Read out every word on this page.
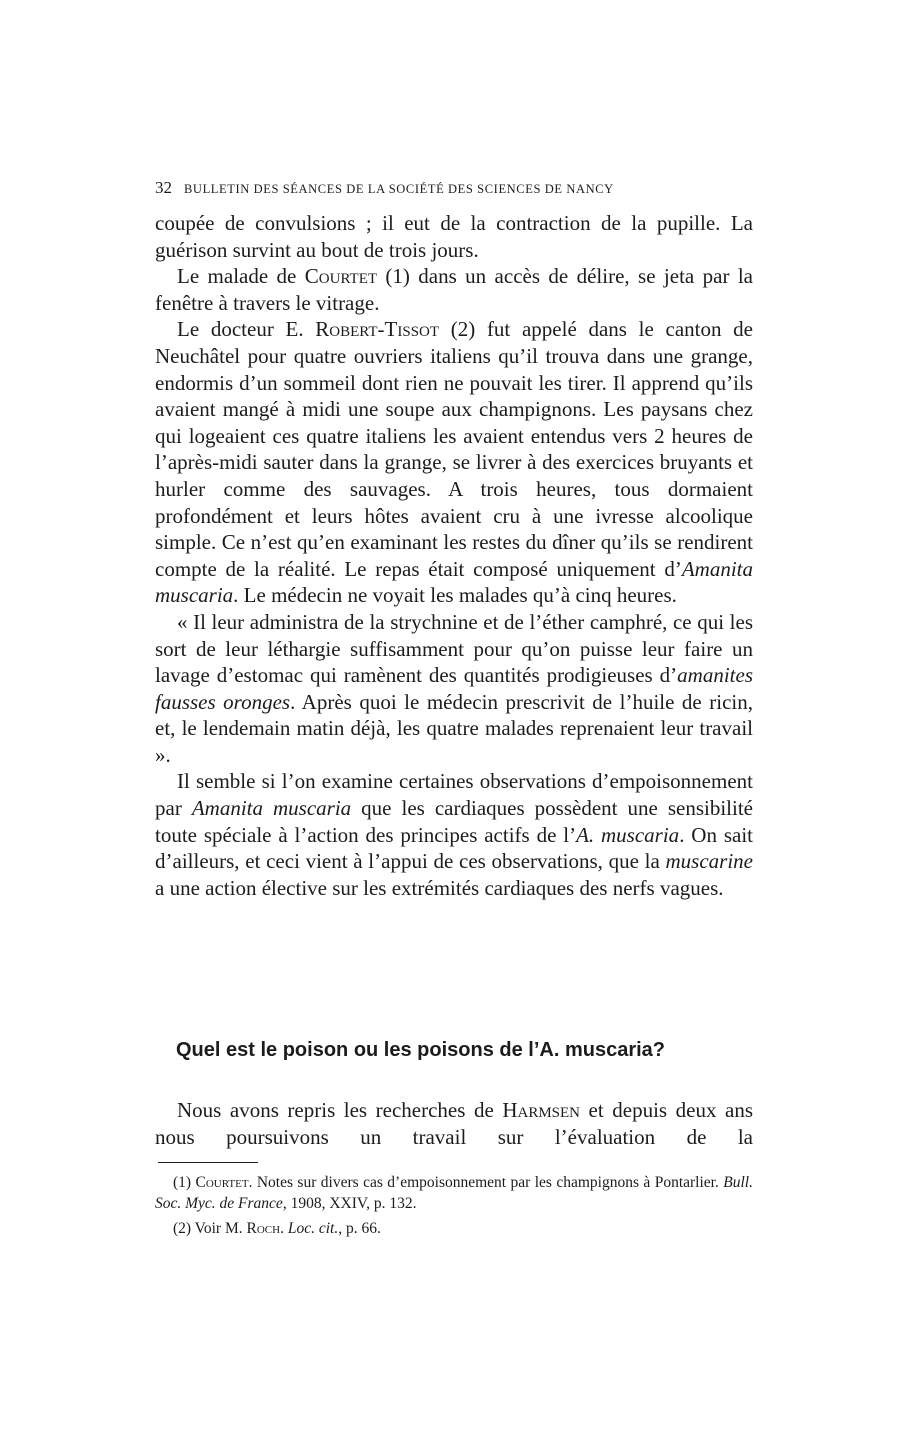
32 BULLETIN DES SÉANCES DE LA SOCIÉTÉ DES SCIENCES DE NANCY

coupée de convulsions ; il eut de la contraction de la pupille. La guérison survint au bout de trois jours.

Le malade de Courtet (1) dans un accès de délire, se jeta par la fenêtre à travers le vitrage.

Le docteur E. Robert-Tissot (2) fut appelé dans le canton de Neuchâtel pour quatre ouvriers italiens qu’il trouva dans une grange, endormis d’un sommeil dont rien ne pouvait les tirer. Il apprend qu’ils avaient mangé à midi une soupe aux champignons. Les paysans chez qui logeaient ces quatre italiens les avaient entendus vers 2 heures de l’après-midi sauter dans la grange, se livrer à des exercices bruyants et hurler comme des sauvages. A trois heures, tous dormaient profondément et leurs hôtes avaient cru à une ivresse alcoolique simple. Ce n’est qu’en examinant les restes du dîner qu’ils se rendirent compte de la réalité. Le repas était composé uniquement d’Amanita muscaria. Le médecin ne voyait les malades qu’à cinq heures.

« Il leur administra de la strychnine et de l’éther camphré, ce qui les sort de leur léthargie suffisamment pour qu’on puisse leur faire un lavage d’estomac qui ramènent des quantités prodigieuses d’amanites fausses oronges. Après quoi le médecin prescrivit de l’huile de ricin, et, le lendemain matin déjà, les quatre malades reprenaient leur travail ».

Il semble si l’on examine certaines observations d’empoisonnement par Amanita muscaria que les cardiaques possèdent une sensibilité toute spéciale à l’action des principes actifs de l’A. muscaria. On sait d’ailleurs, et ceci vient à l’appui de ces observations, que la muscarine a une action élective sur les extrémités cardiaques des nerfs vagues.

Quel est le poison ou les poisons de l’A. muscaria?

Nous avons repris les recherches de Harmsen et depuis deux ans nous poursuivons un travail sur l’évaluation de la

(1) Courtet. Notes sur divers cas d’empoisonnement par les champignons à Pontarlier. Bull. Soc. Myc. de France, 1908, XXIV, p. 132.

(2) Voir M. Roch. Loc. cit., p. 66.
